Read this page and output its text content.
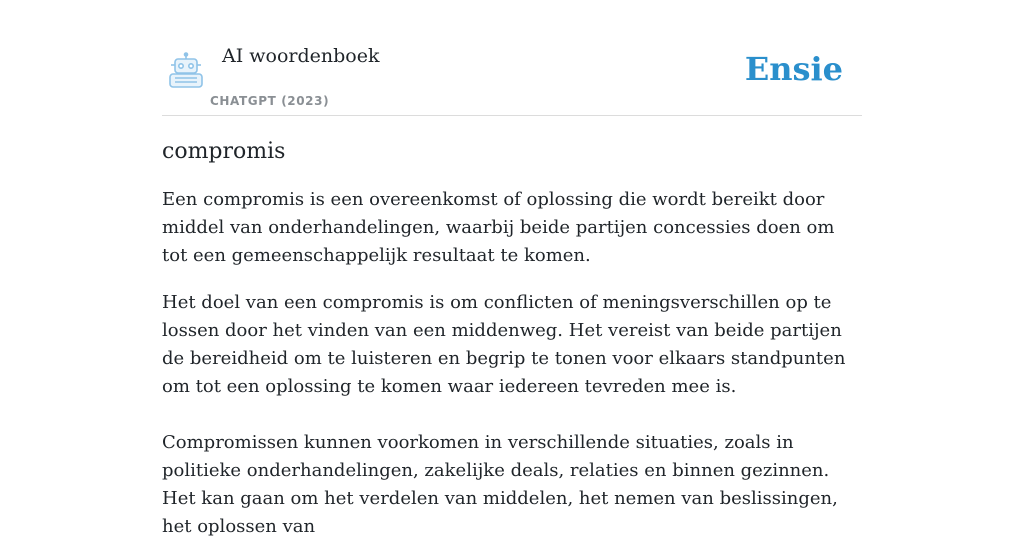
AI woordenboek
CHATGPT (2023)
Ensie
compromis

Een compromis is een overeenkomst of oplossing die wordt bereikt door middel van onderhandelingen, waarbij beide partijen concessies doen om tot een gemeenschappelijk resultaat te komen.

Het doel van een compromis is om conflicten of meningsverschillen op te lossen door het vinden van een middenweg. Het vereist van beide partijen de bereidheid om te luisteren en begrip te tonen voor elkaars standpunten om tot een oplossing te komen waar iedereen tevreden mee is.

Compromissen kunnen voorkomen in verschillende situaties, zoals in politieke onderhandelingen, zakelijke deals, relaties en binnen gezinnen. Het kan gaan om het verdelen van middelen, het nemen van beslissingen, het oplossen van
